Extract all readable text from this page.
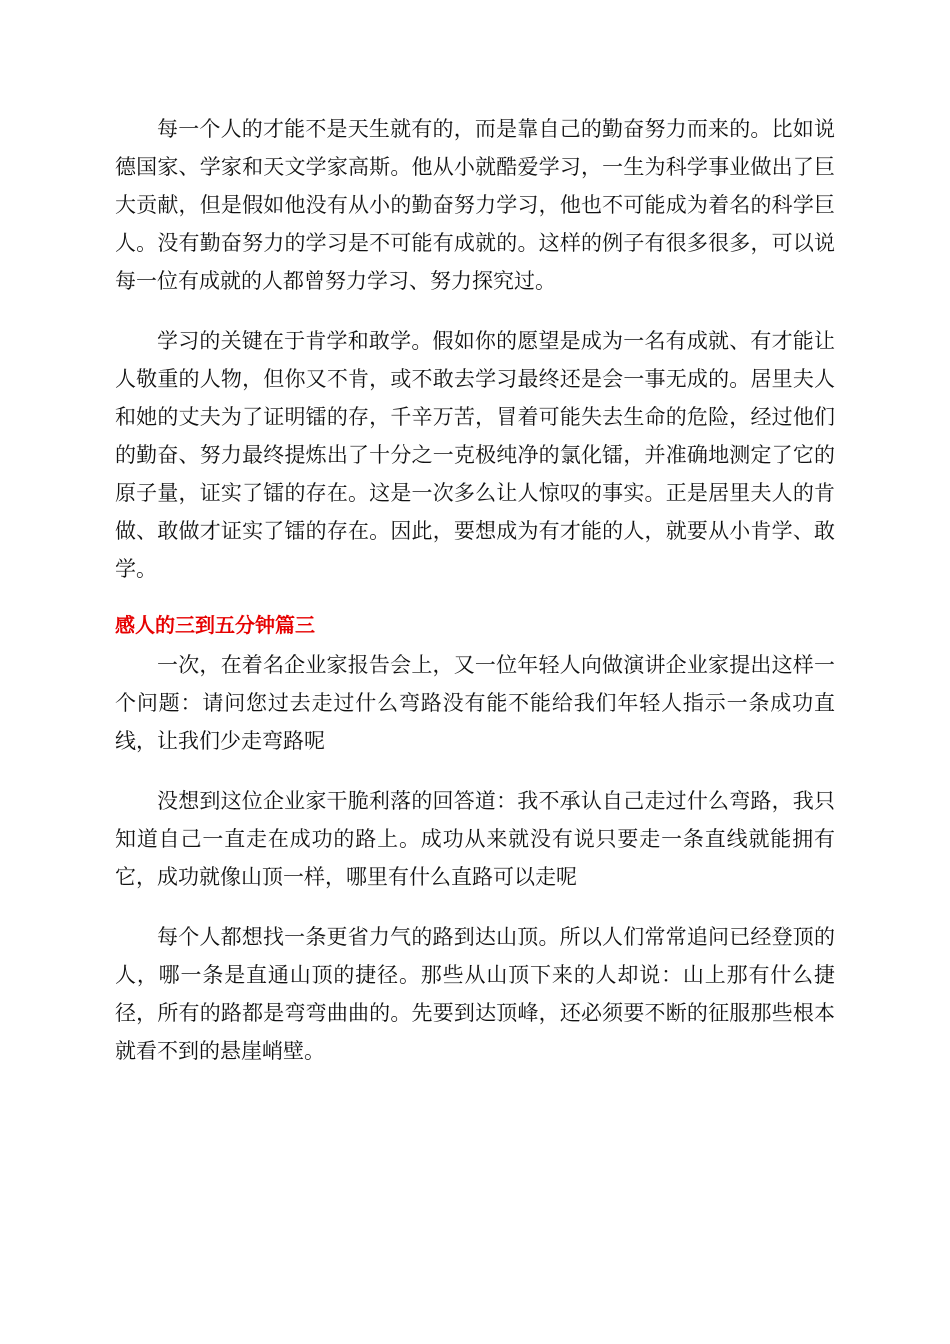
每一个人的才能不是天生就有的，而是靠自己的勤奋努力而来的。比如说德国家、学家和天文学家高斯。他从小就酷爱学习，一生为科学事业做出了巨大贡献，但是假如他没有从小的勤奋努力学习，他也不可能成为着名的科学巨人。没有勤奋努力的学习是不可能有成就的。这样的例子有很多很多，可以说每一位有成就的人都曾努力学习、努力探究过。

学习的关键在于肯学和敢学。假如你的愿望是成为一名有成就、有才能让人敬重的人物，但你又不肯，或不敢去学习最终还是会一事无成的。居里夫人和她的丈夫为了证明镭的存，千辛万苦，冒着可能失去生命的危险，经过他们的勤奋、努力最终提炼出了十分之一克极纯净的氯化镭，并准确地测定了它的原子量，证实了镭的存在。这是一次多么让人惊叹的事实。正是居里夫人的肯做、敢做才证实了镭的存在。因此，要想成为有才能的人，就要从小肯学、敢学。

感人的三到五分钟篇三

一次，在着名企业家报告会上，又一位年轻人向做演讲企业家提出这样一个问题：请问您过去走过什么弯路没有能不能给我们年轻人指示一条成功直线，让我们少走弯路呢

没想到这位企业家干脆利落的回答道：我不承认自己走过什么弯路，我只知道自己一直走在成功的路上。成功从来就没有说只要走一条直线就能拥有它，成功就像山顶一样，哪里有什么直路可以走呢

每个人都想找一条更省力气的路到达山顶。所以人们常常追问已经登顶的人，哪一条是直通山顶的捷径。那些从山顶下来的人却说：山上那有什么捷径，所有的路都是弯弯曲曲的。先要到达顶峰，还必须要不断的征服那些根本就看不到的悬崖峭壁。
